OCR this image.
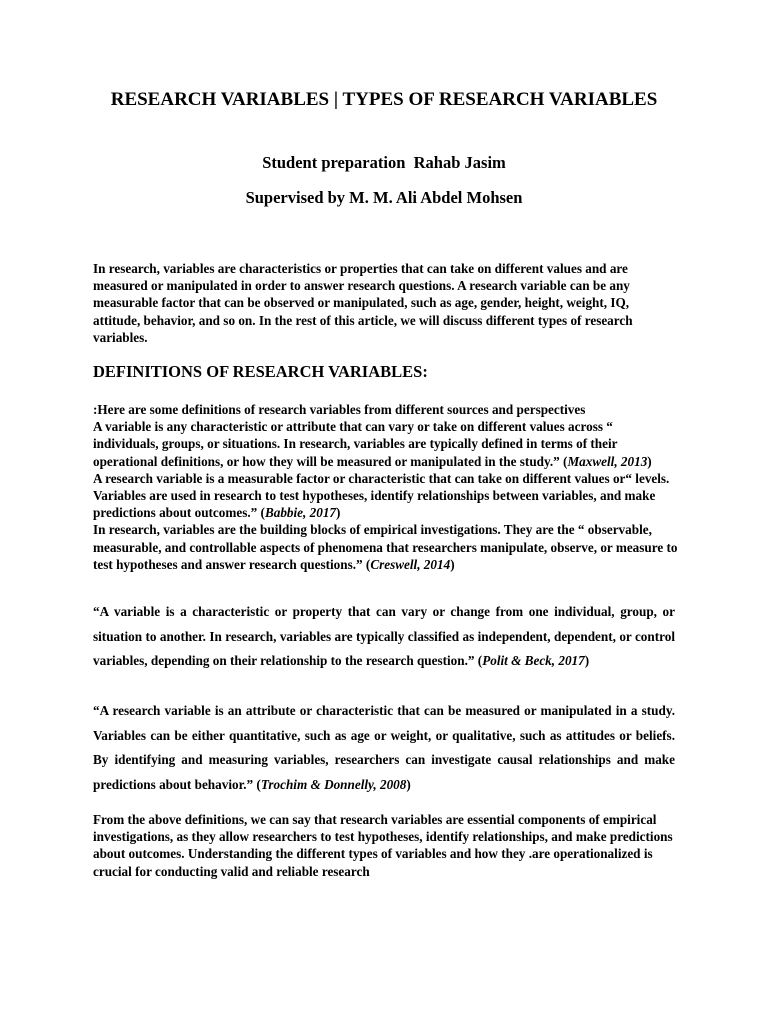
RESEARCH VARIABLES | TYPES OF RESEARCH VARIABLES
Student preparation  Rahab Jasim
Supervised by M. M. Ali Abdel Mohsen

In research, variables are characteristics or properties that can take on different values and are measured or manipulated in order to answer research questions. A research variable can be any measurable factor that can be observed or manipulated, such as age, gender, height, weight, IQ, attitude, behavior, and so on. In the rest of this article, we will discuss different types of research variables.

DEFINITIONS OF RESEARCH VARIABLES:
:Here are some definitions of research variables from different sources and perspectives
A variable is any characteristic or attribute that can vary or take on different values across “ individuals, groups, or situations. In research, variables are typically defined in terms of their operational definitions, or how they will be measured or manipulated in the study.” (Maxwell, 2013)
A research variable is a measurable factor or characteristic that can take on different values or“ levels. Variables are used in research to test hypotheses, identify relationships between variables, and make predictions about outcomes.” (Babbie, 2017)
In research, variables are the building blocks of empirical investigations. They are the “ observable, measurable, and controllable aspects of phenomena that researchers manipulate, observe, or measure to test hypotheses and answer research questions.” (Creswell, 2014)

“A variable is a characteristic or property that can vary or change from one individual, group, or situation to another. In research, variables are typically classified as independent, dependent, or control variables, depending on their relationship to the research question.” (Polit & Beck, 2017)

“A research variable is an attribute or characteristic that can be measured or manipulated in a study. Variables can be either quantitative, such as age or weight, or qualitative, such as attitudes or beliefs. By identifying and measuring variables, researchers can investigate causal relationships and make predictions about behavior.” (Trochim & Donnelly, 2008)

From the above definitions, we can say that research variables are essential components of empirical investigations, as they allow researchers to test hypotheses, identify relationships, and make predictions about outcomes. Understanding the different types of variables and how they .are operationalized is crucial for conducting valid and reliable research
